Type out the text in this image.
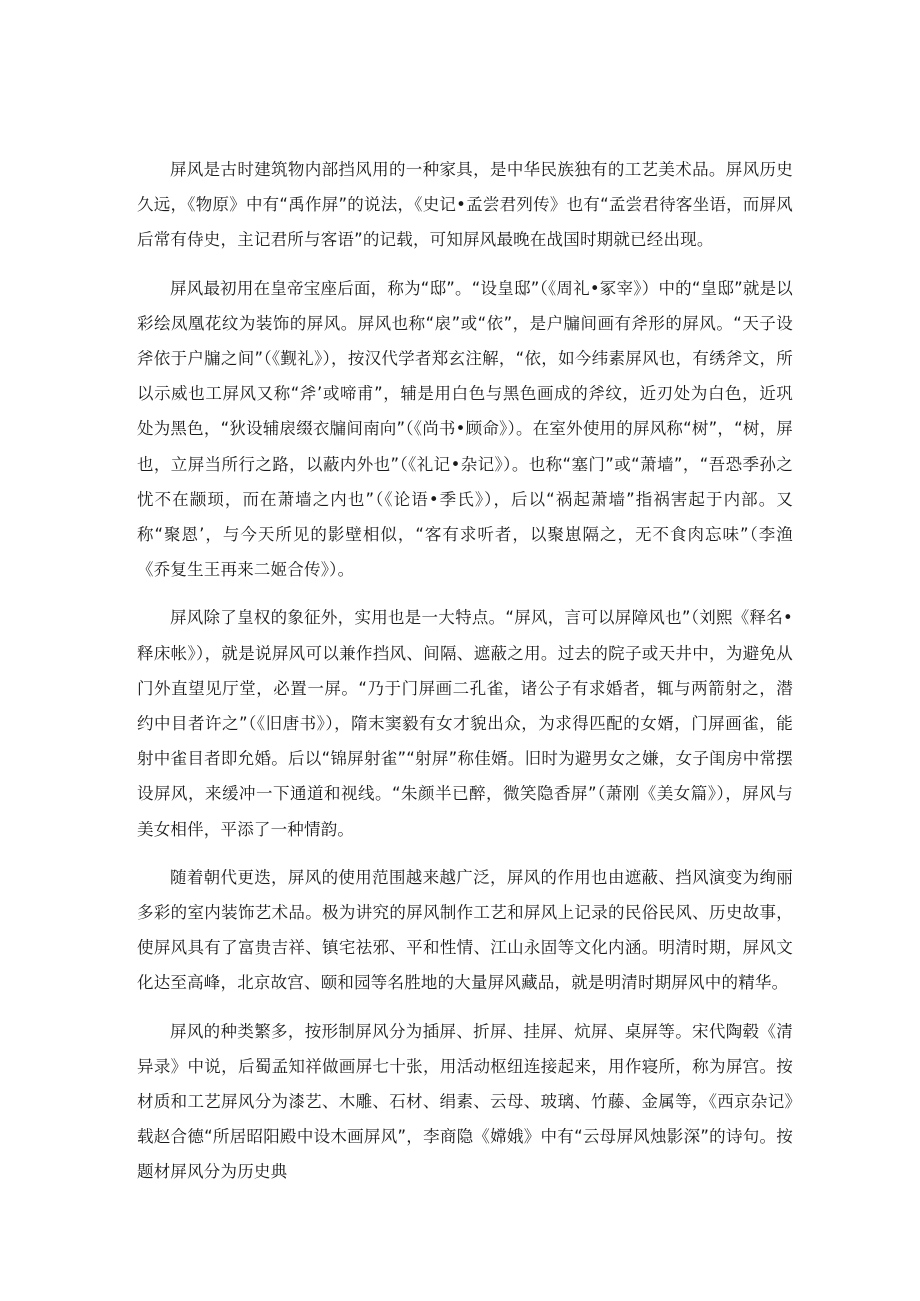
屏风是古时建筑物内部挡风用的一种家具，是中华民族独有的工艺美术品。屏风历史久远，《物原》中有“禹作屏”的说法，《史记•孟尝君列传》也有“孟尝君待客坐语，而屏风后常有侍史，主记君所与客语”的记载，可知屏风最晚在战国时期就已经出现。

屏风最初用在皇帝宝座后面，称为“邸”。“设皇邸”（《周礼•冢宰》）中的“皇邸”就是以彩绘凤凰花纹为装饰的屏风。屏风也称“扆”或“依”，是户牖间画有斧形的屏风。“天子设斧依于户牖之间”（《觐礼》），按汉代学者郑玄注解，“依，如今纬素屏风也，有绣斧文，所以示威也工屏风又称“斧’或啼甫”，辅是用白色与黑色画成的斧纹，近刃处为白色，近巩处为黑色，“狄设辅扆缀衣牖间南向”（《尚书•顾命》）。在室外使用的屏风称“树”，“树，屏也，立屏当所行之路，以蔽内外也”（《礼记•杂记》）。也称“塞门”或“萧墙”，“吾恐季孙之忧不在颛顼，而在萧墙之内也”（《论语•季氏》），后以“祸起萧墙”指祸害起于内部。又称“聚恩’，与今天所见的影壁相似，“客有求听者，以聚崽隔之，无不食肉忘味”（李渔《乔复生王再来二姬合传》）。

屏风除了皇权的象征外，实用也是一大特点。“屏风，言可以屏障风也”（刘熙《释名•释床帐》），就是说屏风可以兼作挡风、间隔、遮蔽之用。过去的院子或天井中，为避免从门外直望见厅堂，必置一屏。“乃于门屏画二孔雀，诸公子有求婚者，辄与两箭射之，潜约中目者许之”（《旧唐书》），隋末窦毅有女才貌出众，为求得匹配的女婿，门屏画雀，能射中雀目者即允婚。后以“锦屏射雀”“射屏”称佳婿。旧时为避男女之嫌，女子闺房中常摆设屏风，来缓冲一下通道和视线。“朱颜半已醉，微笑隐香屏”（萧刚《美女篇》），屏风与美女相伴，平添了一种情韵。

随着朝代更迭，屏风的使用范围越来越广泛，屏风的作用也由遮蔽、挡风演变为绚丽多彩的室内装饰艺术品。极为讲究的屏风制作工艺和屏风上记录的民俗民风、历史故事，使屏风具有了富贵吉祥、镇宅祛邪、平和性情、江山永固等文化内涵。明清时期，屏风文化达至高峰，北京故宫、颐和园等名胜地的大量屏风藏品，就是明清时期屏风中的精华。

屏风的种类繁多，按形制屏风分为插屏、折屏、挂屏、炕屏、桌屏等。宋代陶毂《清异录》中说，后蜀孟知祥做画屏七十张，用活动枢纽连接起来，用作寝所，称为屏宫。按材质和工艺屏风分为漆艺、木雕、石材、绢素、云母、玻璃、竹藤、金属等，《西京杂记》载赵合德“所居昭阳殿中设木画屏风”，李商隐《嫦娥》中有“云母屏风烛影深”的诗句。按题材屏风分为历史典
